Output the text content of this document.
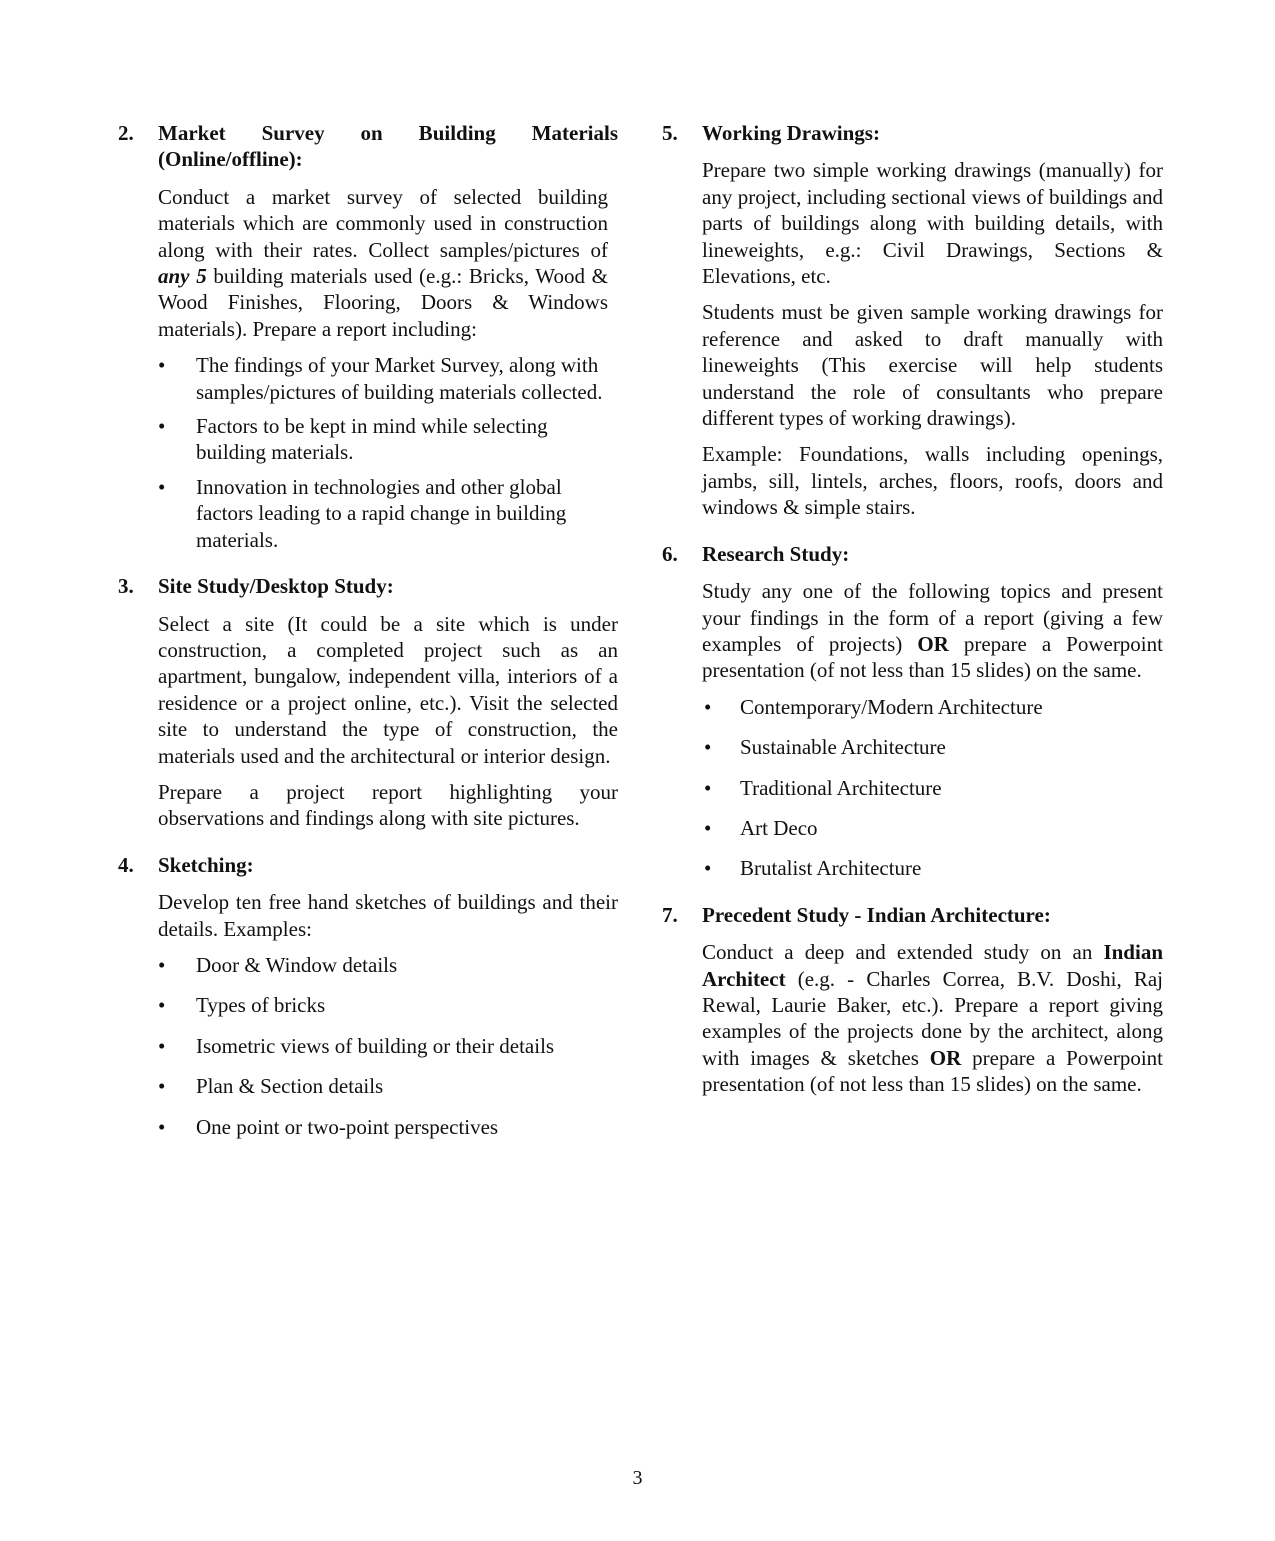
2. Market Survey on Building Materials (Online/offline):

Conduct a market survey of selected building materials which are commonly used in construction along with their rates. Collect samples/pictures of any 5 building materials used (e.g.: Bricks, Wood & Wood Finishes, Flooring, Doors & Windows materials). Prepare a report including:

• The findings of your Market Survey, along with samples/pictures of building materials collected.
• Factors to be kept in mind while selecting building materials.
• Innovation in technologies and other global factors leading to a rapid change in building materials.
3. Site Study/Desktop Study:

Select a site (It could be a site which is under construction, a completed project such as an apartment, bungalow, independent villa, interiors of a residence or a project online, etc.). Visit the selected site to understand the type of construction, the materials used and the architectural or interior design.

Prepare a project report highlighting your observations and findings along with site pictures.

4. Sketching:

Develop ten free hand sketches of buildings and their details. Examples:

• Door & Window details
• Types of bricks
• Isometric views of building or their details
• Plan & Section details
• One point or two-point perspectives
5. Working Drawings:

Prepare two simple working drawings (manually) for any project, including sectional views of buildings and parts of buildings along with building details, with lineweights, e.g.: Civil Drawings, Sections & Elevations, etc.

Students must be given sample working drawings for reference and asked to draft manually with lineweights (This exercise will help students understand the role of consultants who prepare different types of working drawings).

Example: Foundations, walls including openings, jambs, sill, lintels, arches, floors, roofs, doors and windows & simple stairs.

6. Research Study:

Study any one of the following topics and present your findings in the form of a report (giving a few examples of projects) OR prepare a Powerpoint presentation (of not less than 15 slides) on the same.

• Contemporary/Modern Architecture
• Sustainable Architecture
• Traditional Architecture
• Art Deco
• Brutalist Architecture
7. Precedent Study - Indian Architecture:

Conduct a deep and extended study on an Indian Architect (e.g. - Charles Correa, B.V. Doshi, Raj Rewal, Laurie Baker, etc.). Prepare a report giving examples of the projects done by the architect, along with images & sketches OR prepare a Powerpoint presentation (of not less than 15 slides) on the same.

3
